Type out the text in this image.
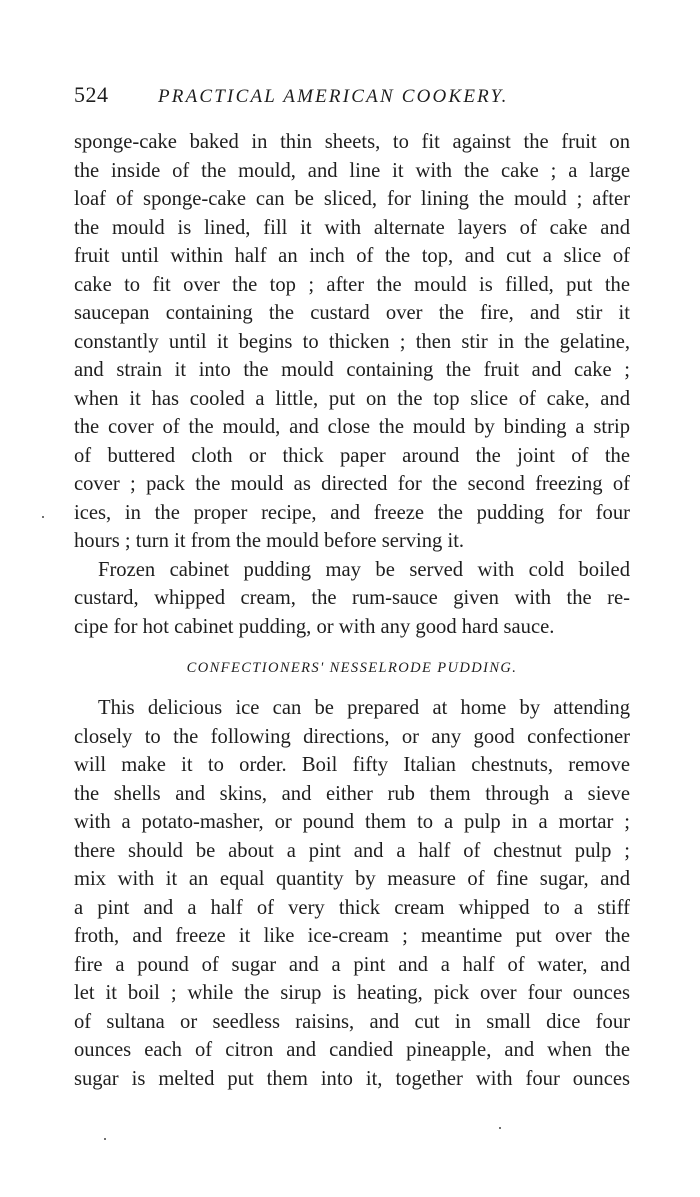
524	PRACTICAL AMERICAN COOKERY.

sponge-cake baked in thin sheets, to fit against the fruit on
the inside of the mould, and line it with the cake ; a large
loaf of sponge-cake can be sliced, for lining the mould ; after
the mould is lined, fill it with alternate layers of cake and
fruit until within half an inch of the top, and cut a slice of
cake to fit over the top ; after the mould is filled, put the
saucepan containing the custard over the fire, and stir it
constantly until it begins to thicken ; then stir in the gelatine,
and strain it into the mould containing the fruit and cake ;
when it has cooled a little, put on the top slice of cake, and
the cover of the mould, and close the mould by binding a strip
of buttered cloth or thick paper around the joint of the
cover ; pack the mould as directed for the second freezing of
ices, in the proper recipe, and freeze the pudding for four
hours ; turn it from the mould before serving it.

Frozen cabinet pudding may be served with cold boiled
custard, whipped cream, the rum-sauce given with the re-
cipe for hot cabinet pudding, or with any good hard sauce.

CONFECTIONERS' NESSELRODE PUDDING.

This delicious ice can be prepared at home by attending
closely to the following directions, or any good confectioner
will make it to order. Boil fifty Italian chestnuts, remove
the shells and skins, and either rub them through a sieve
with a potato-masher, or pound them to a pulp in a mortar ;
there should be about a pint and a half of chestnut pulp ;
mix with it an equal quantity by measure of fine sugar, and
a pint and a half of very thick cream whipped to a stiff
froth, and freeze it like ice-cream ; meantime put over the
fire a pound of sugar and a pint and a half of water, and
let it boil ; while the sirup is heating, pick over four ounces
of sultana or seedless raisins, and cut in small dice four
ounces each of citron and candied pineapple, and when the
sugar is melted put them into it, together with four ounces
